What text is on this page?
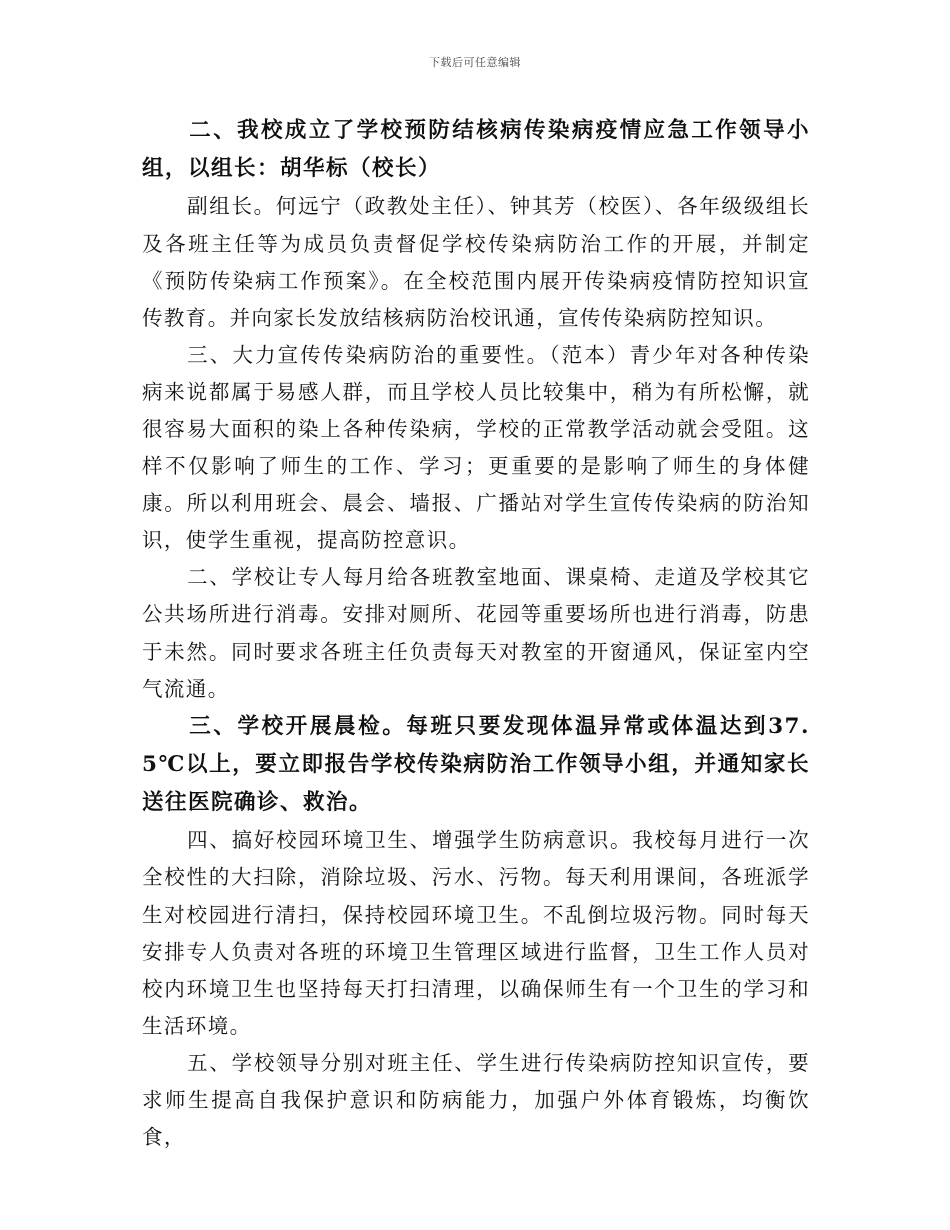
下载后可任意编辑

二、我校成立了学校预防结核病传染病疫情应急工作领导小组，以组长：胡华标（校长）

副组长。何远宁（政教处主任）、钟其芳（校医）、各年级级组长及各班主任等为成员负责督促学校传染病防治工作的开展，并制定《预防传染病工作预案》。在全校范围内展开传染病疫情防控知识宣传教育。并向家长发放结核病防治校讯通，宣传传染病防控知识。

三、大力宣传传染病防治的重要性。（范本）青少年对各种传染病来说都属于易感人群，而且学校人员比较集中，稍为有所松懈，就很容易大面积的染上各种传染病，学校的正常教学活动就会受阻。这样不仅影响了师生的工作、学习；更重要的是影响了师生的身体健康。所以利用班会、晨会、墙报、广播站对学生宣传传染病的防治知识，使学生重视，提高防控意识。

二、学校让专人每月给各班教室地面、课桌椅、走道及学校其它公共场所进行消毒。安排对厕所、花园等重要场所也进行消毒，防患于未然。同时要求各班主任负责每天对教室的开窗通风，保证室内空气流通。

三、学校开展晨检。每班只要发现体温异常或体温达到37.5℃以上，要立即报告学校传染病防治工作领导小组，并通知家长送往医院确诊、救治。

四、搞好校园环境卫生、增强学生防病意识。我校每月进行一次全校性的大扫除，消除垃圾、污水、污物。每天利用课间，各班派学生对校园进行清扫，保持校园环境卫生。不乱倒垃圾污物。同时每天安排专人负责对各班的环境卫生管理区域进行监督，卫生工作人员对校内环境卫生也坚持每天打扫清理，以确保师生有一个卫生的学习和生活环境。

五、学校领导分别对班主任、学生进行传染病防控知识宣传，要求师生提高自我保护意识和防病能力，加强户外体育锻炼，均衡饮食，
